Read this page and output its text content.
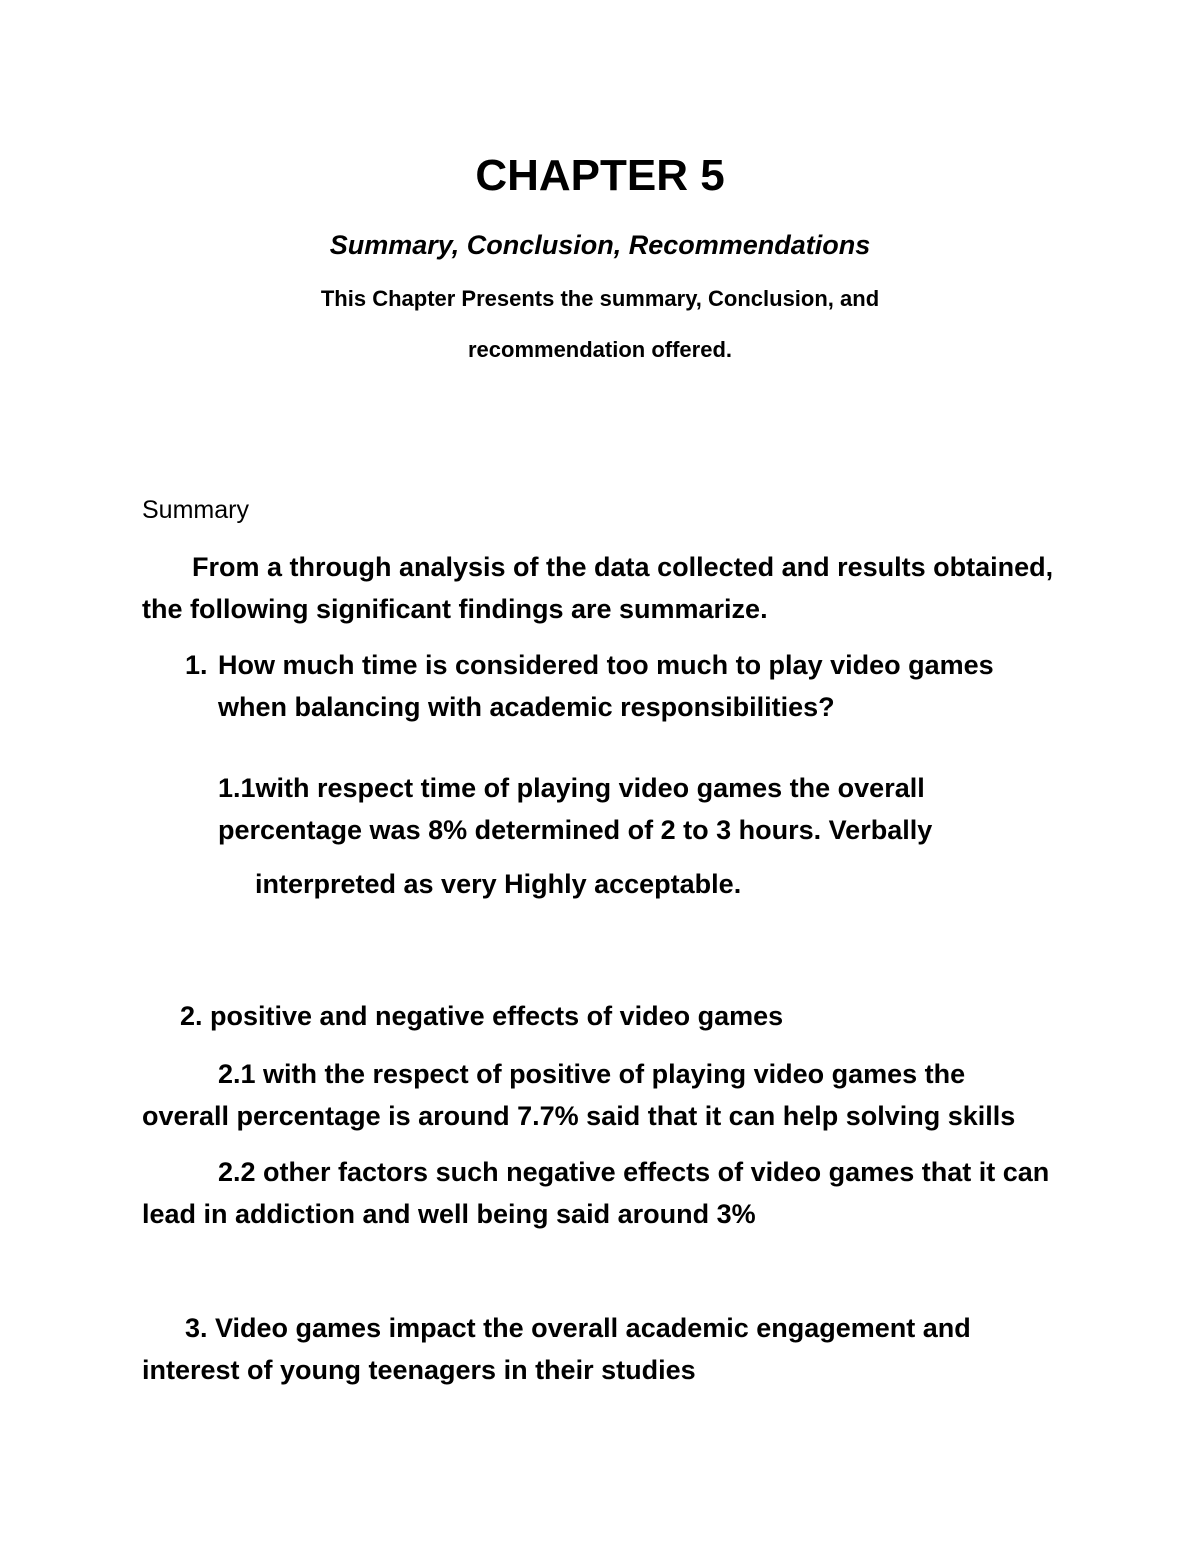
CHAPTER 5
Summary, Conclusion, Recommendations
This Chapter Presents the summary, Conclusion, and
recommendation offered.
Summary
From a through analysis of the data collected and results obtained,
the following significant findings are summarize.
1. How much time is considered too much to play video games
when balancing with academic responsibilities?
1.1with respect time of playing video games the overall
percentage was 8% determined of 2 to 3 hours. Verbally
interpreted as very Highly acceptable.
2. positive and negative effects of video games
2.1 with the respect of positive of playing video games the
overall percentage is around 7.7% said that it can help solving skills
2.2 other factors such negative effects of video games that it can
lead in addiction and well being said around 3%
3. Video games impact the overall academic engagement and
interest of young teenagers in their studies
